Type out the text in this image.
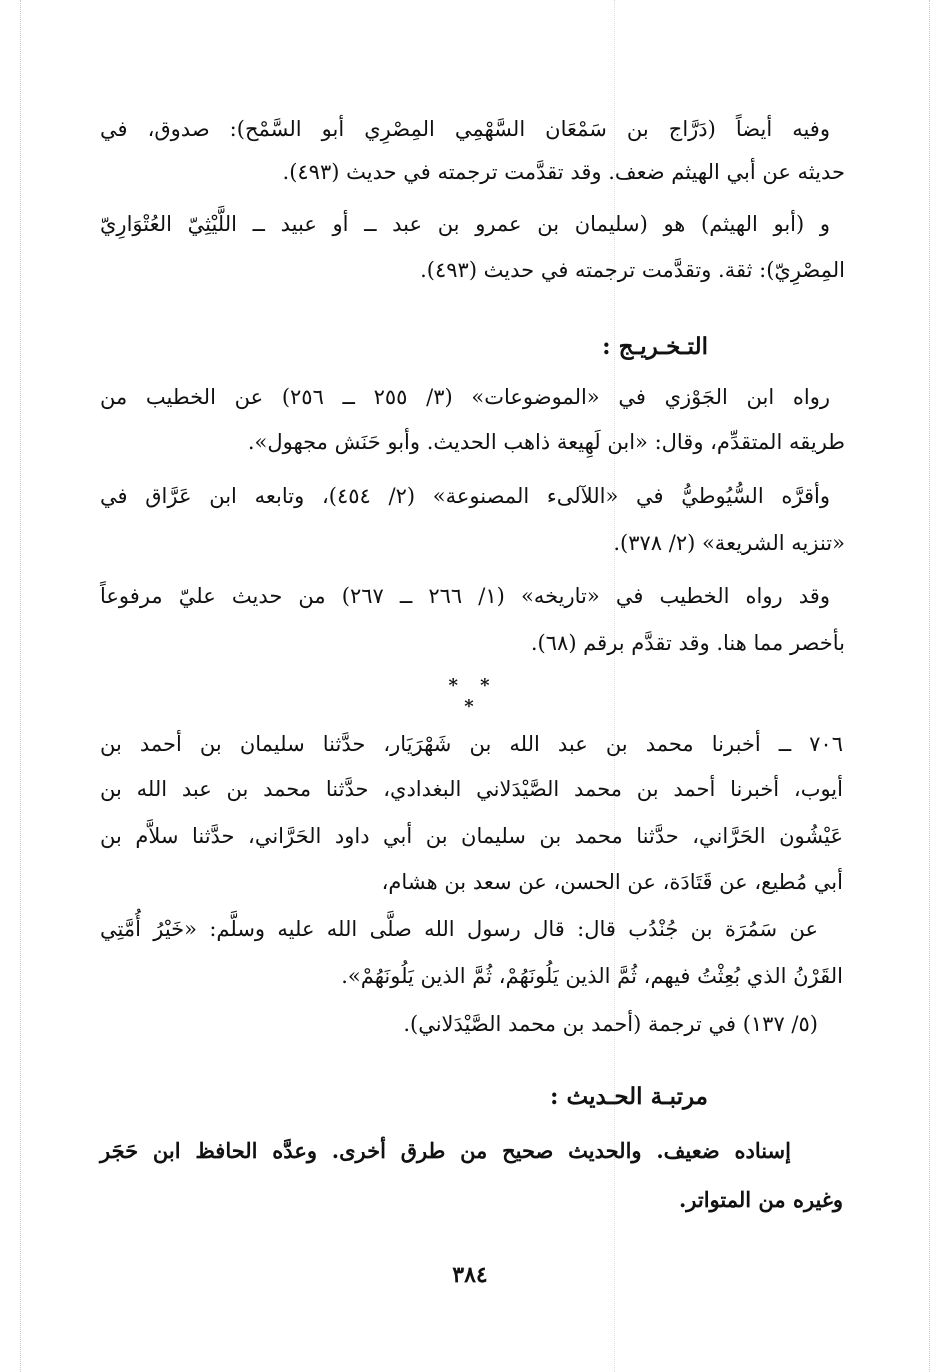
وفيه أيضاً (دَرَّاج بن سَمْعَان السَّهْمِي المِصْرِي أبو السَّمْح): صدوق، في
حديثه عن أبي الهيثم ضعف. وقد تقدَّمت ترجمته في حديث (٤٩٣).
و (أبو الهيثم) هو (سليمان بن عمرو بن عبد ــ أو عبيد ــ اللَّيْثِيّ العُتْوَارِيّ
المِصْرِيّ): ثقة. وتقدَّمت ترجمته في حديث (٤٩٣).
التـخـريـج :
رواه ابن الجَوْزي في «الموضوعات» (٣/ ٢٥٥ ــ ٢٥٦) عن الخطيب من
طريقه المتقدِّم، وقال: «ابن لَهِيعة ذاهب الحديث. وأبو حَنَش مجهول».
وأقرَّه السُّيُوطيُّ في «اللآلىء المصنوعة» (٢/ ٤٥٤)، وتابعه ابن عَرَّاق في
«تنزيه الشريعة» (٢/ ٣٧٨).
وقد رواه الخطيب في «تاريخه» (١/ ٢٦٦ ــ ٢٦٧) من حديث عليّ مرفوعاً
بأخصر مما هنا. وقد تقدَّم برقم (٦٨).
* * *
٧٠٦ ــ أخبرنا محمد بن عبد الله بن شَهْرَيَار، حدَّثنا سليمان بن أحمد بن
أيوب، أخبرنا أحمد بن محمد الصَّيْدَلاني البغدادي، حدَّثنا محمد بن عبد الله بن
عَيْشُون الحَرَّاني، حدَّثنا محمد بن سليمان بن أبي داود الحَرَّاني، حدَّثنا سلاَّم بن
أبي مُطيع، عن قَتَادَة، عن الحسن، عن سعد بن هشام،
عن سَمُرَة بن جُنْدُب قال: قال رسول الله صلَّى الله عليه وسلَّم: «خَيْرُ أُمَّتِي
القَرْنُ الذي بُعِثْتُ فيهم، ثُمَّ الذين يَلُونَهُمْ، ثُمَّ الذين يَلُونَهُمْ».
(٥/ ١٣٧) في ترجمة (أحمد بن محمد الصَّيْدَلاني).
مرتبـة الحـديث :
إسناده ضعيف. والحديث صحيح من طرق أخرى. وعدَّه الحافظ ابن حَجَر
وغيره من المتواتر.
٣٨٤
